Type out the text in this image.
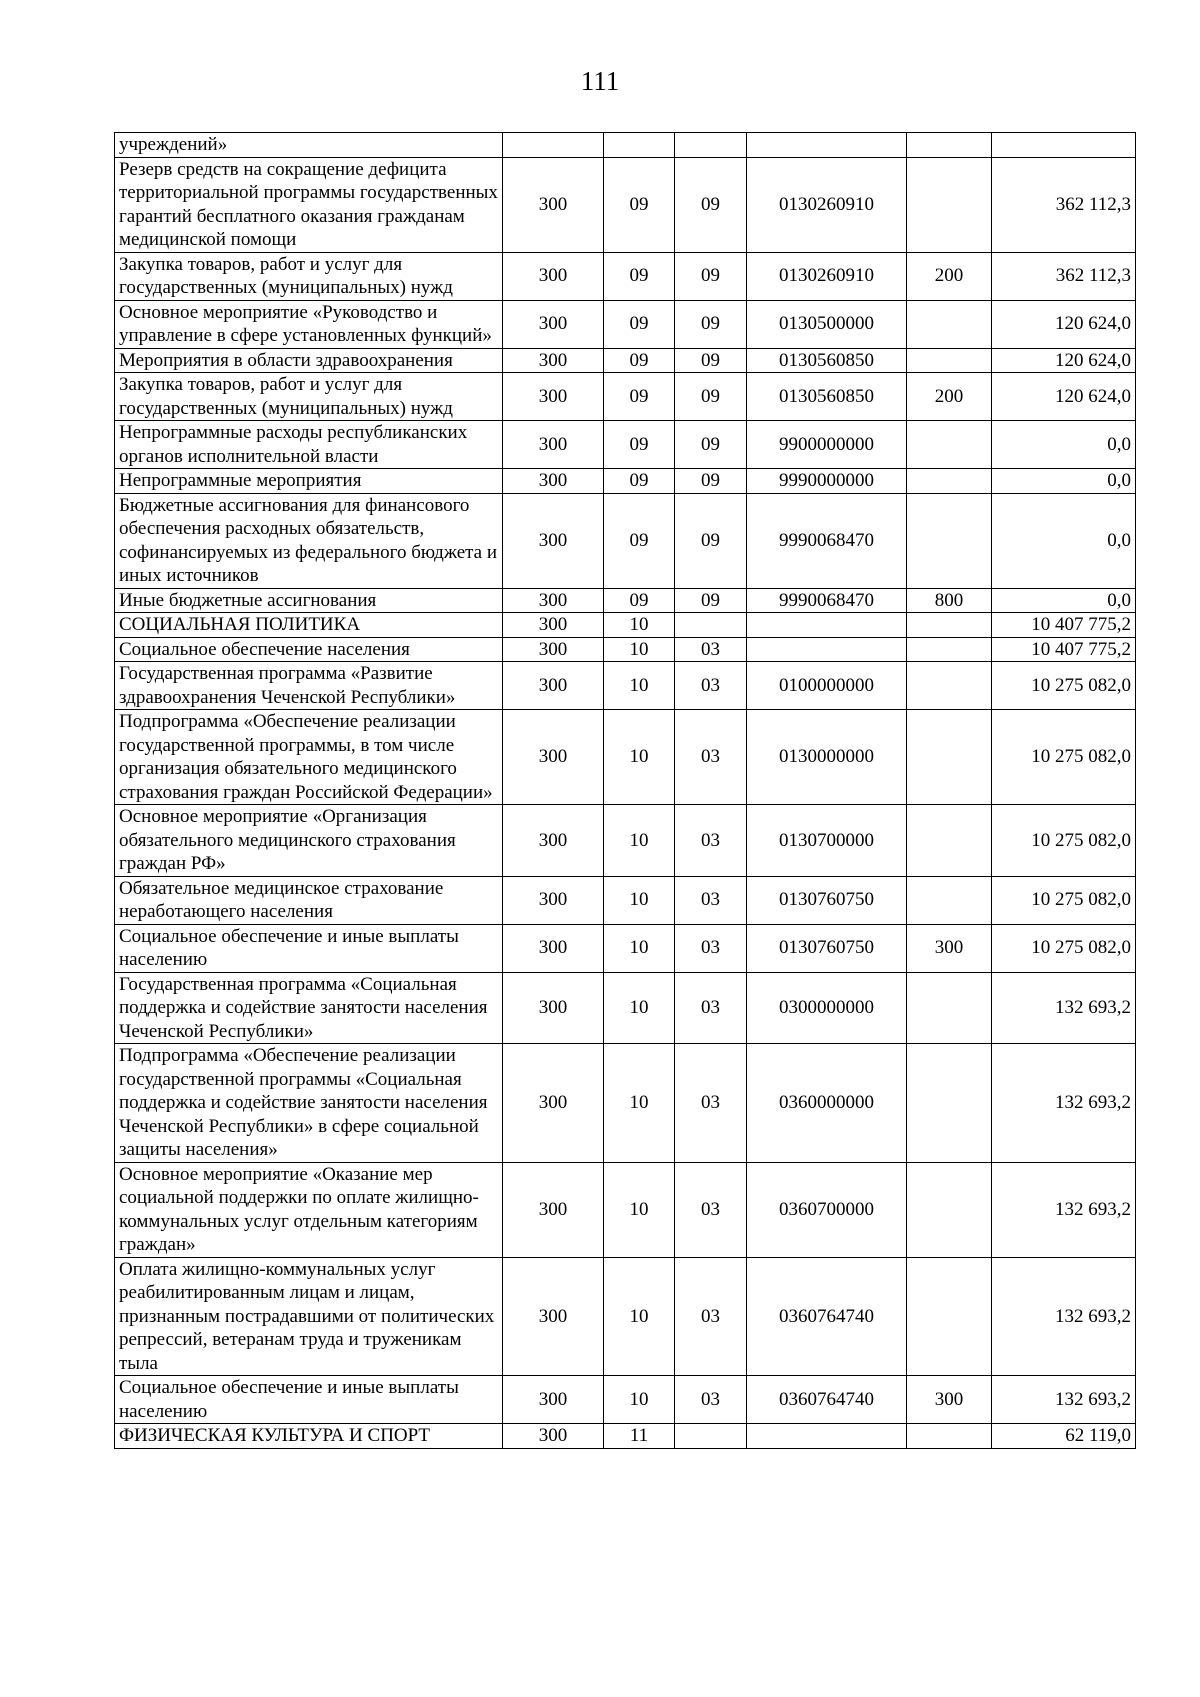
111
учреждений»						
Резерв средств на сокращение дефицита территориальной программы государственных гарантий бесплатного оказания гражданам медицинской помощи	300	09	09	0130260910		362 112,3
Закупка товаров, работ и услуг для государственных (муниципальных) нужд	300	09	09	0130260910	200	362 112,3
Основное мероприятие «Руководство и управление в сфере установленных функций»	300	09	09	0130500000		120 624,0
Мероприятия в области здравоохранения	300	09	09	0130560850		120 624,0
Закупка товаров, работ и услуг для государственных (муниципальных) нужд	300	09	09	0130560850	200	120 624,0
Непрограммные расходы республиканских органов исполнительной власти	300	09	09	9900000000		0,0
Непрограммные мероприятия	300	09	09	9990000000		0,0
Бюджетные ассигнования для финансового обеспечения расходных обязательств, софинансируемых из федерального бюджета и иных источников	300	09	09	9990068470		0,0
Иные бюджетные ассигнования	300	09	09	9990068470	800	0,0
СОЦИАЛЬНАЯ ПОЛИТИКА	300	10				10 407 775,2
Социальное обеспечение населения	300	10	03			10 407 775,2
Государственная программа «Развитие здравоохранения Чеченской Республики»	300	10	03	0100000000		10 275 082,0
Подпрограмма «Обеспечение реализации государственной программы, в том числе организация обязательного медицинского страхования граждан Российской Федерации»	300	10	03	0130000000		10 275 082,0
Основное мероприятие «Организация обязательного медицинского страхования граждан РФ»	300	10	03	0130700000		10 275 082,0
Обязательное медицинское страхование неработающего населения	300	10	03	0130760750		10 275 082,0
Социальное обеспечение и иные выплаты населению	300	10	03	0130760750	300	10 275 082,0
Государственная программа «Социальная поддержка и содействие занятости населения Чеченской Республики»	300	10	03	0300000000		132 693,2
Подпрограмма «Обеспечение реализации государственной программы «Социальная поддержка и содействие занятости населения Чеченской Республики» в сфере социальной защиты населения»	300	10	03	0360000000		132 693,2
Основное мероприятие «Оказание мер социальной поддержки по оплате жилищно-коммунальных услуг отдельным категориям граждан»	300	10	03	0360700000		132 693,2
Оплата жилищно-коммунальных услуг реабилитированным лицам и лицам, признанным пострадавшими от политических репрессий, ветеранам труда и труженикам тыла	300	10	03	0360764740		132 693,2
Социальное обеспечение и иные выплаты населению	300	10	03	0360764740	300	132 693,2
ФИЗИЧЕСКАЯ КУЛЬТУРА И СПОРТ	300	11				62 119,0
